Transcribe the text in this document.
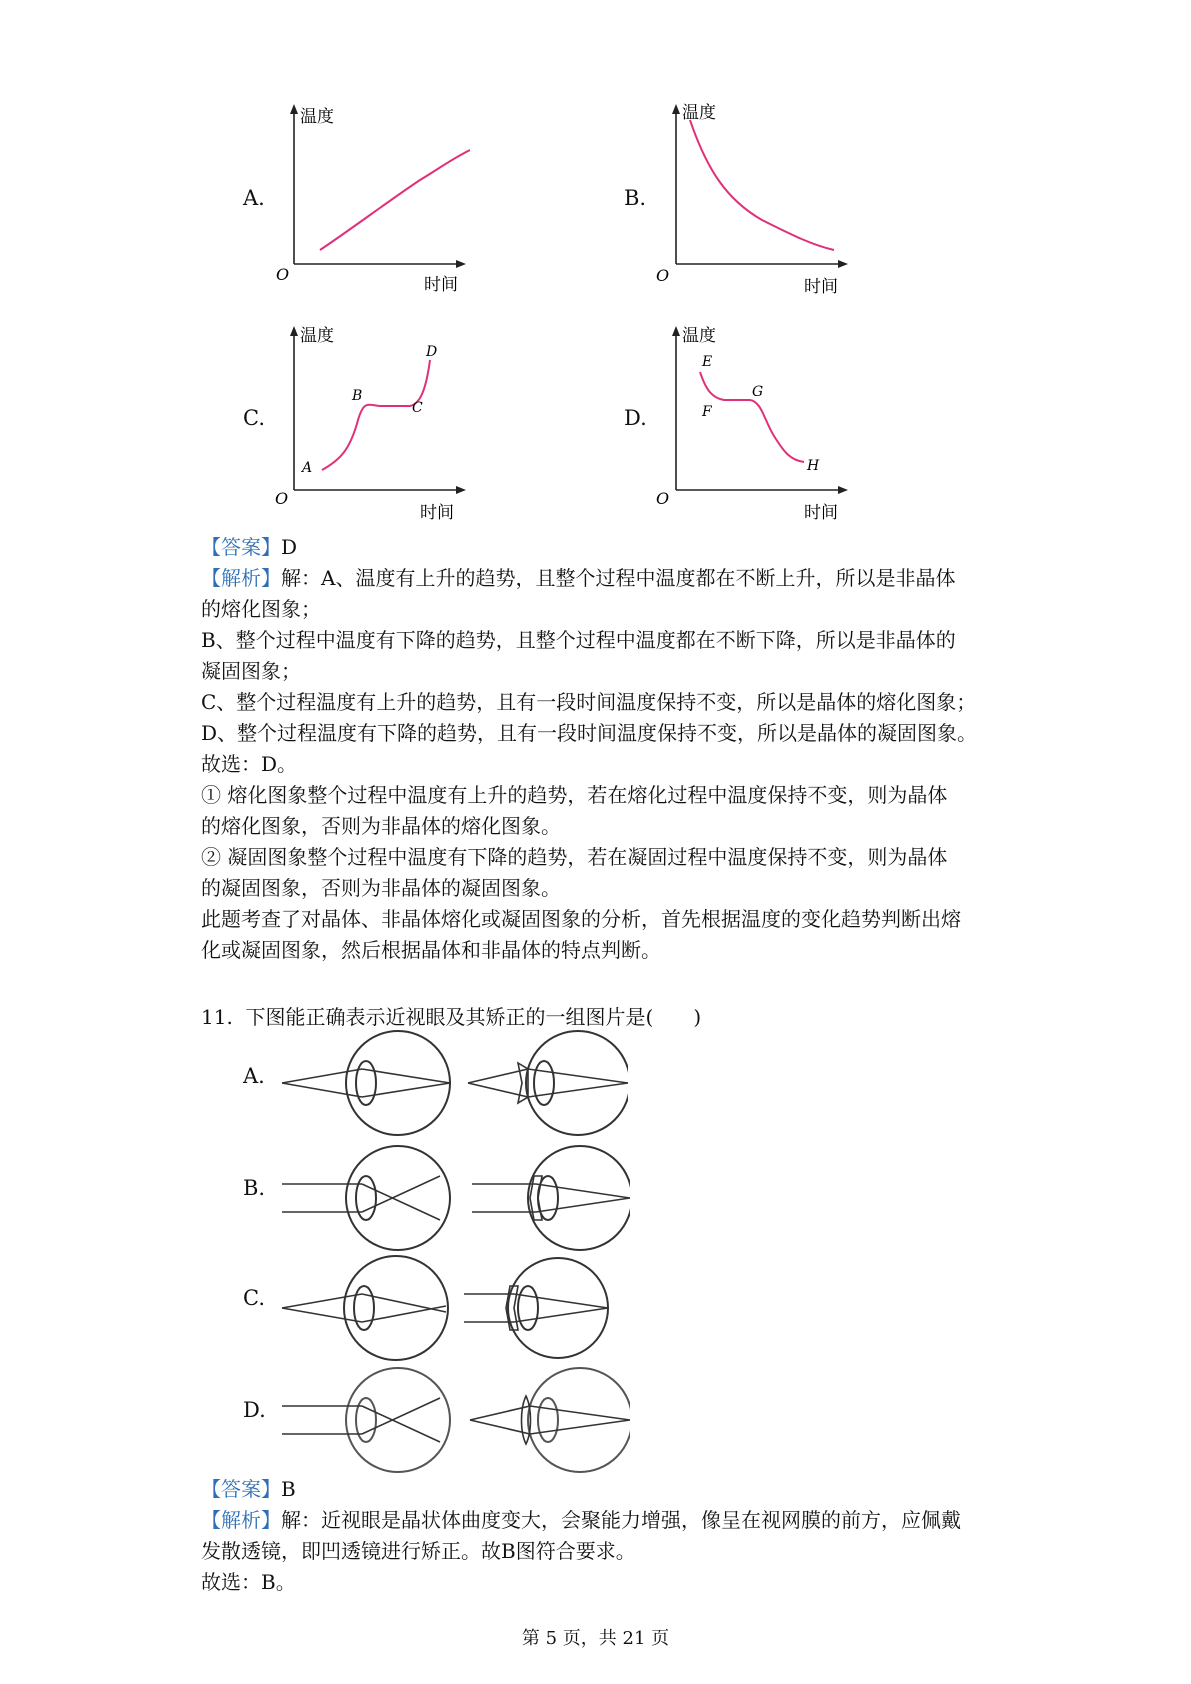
A.
温度
时间
O
B.
温度
时间
O
C.
温度
时间
O
A
B
C
D
D.
温度
时间
O
E
F
G
H
【答案】D
【解析】解：A、温度有上升的趋势，且整个过程中温度都在不断上升，所以是非晶体
的熔化图象；
B、整个过程中温度有下降的趋势，且整个过程中温度都在不断下降，所以是非晶体的
凝固图象；
C、整个过程温度有上升的趋势，且有一段时间温度保持不变，所以是晶体的熔化图象；
D、整个过程温度有下降的趋势，且有一段时间温度保持不变，所以是晶体的凝固图象。
故选：D。
① 熔化图象整个过程中温度有上升的趋势，若在熔化过程中温度保持不变，则为晶体
的熔化图象，否则为非晶体的熔化图象。
② 凝固图象整个过程中温度有下降的趋势，若在凝固过程中温度保持不变，则为晶体
的凝固图象，否则为非晶体的凝固图象。
此题考查了对晶体、非晶体熔化或凝固图象的分析，首先根据温度的变化趋势判断出熔
化或凝固图象，然后根据晶体和非晶体的特点判断。
11. 下图能正确表示近视眼及其矫正的一组图片是(　　)
A.
B.
C.
D.
【答案】B
【解析】解：近视眼是晶状体曲度变大，会聚能力增强，像呈在视网膜的前方，应佩戴
发散透镜，即凹透镜进行矫正。故B图符合要求。
故选：B。
第 5 页，共 21 页
